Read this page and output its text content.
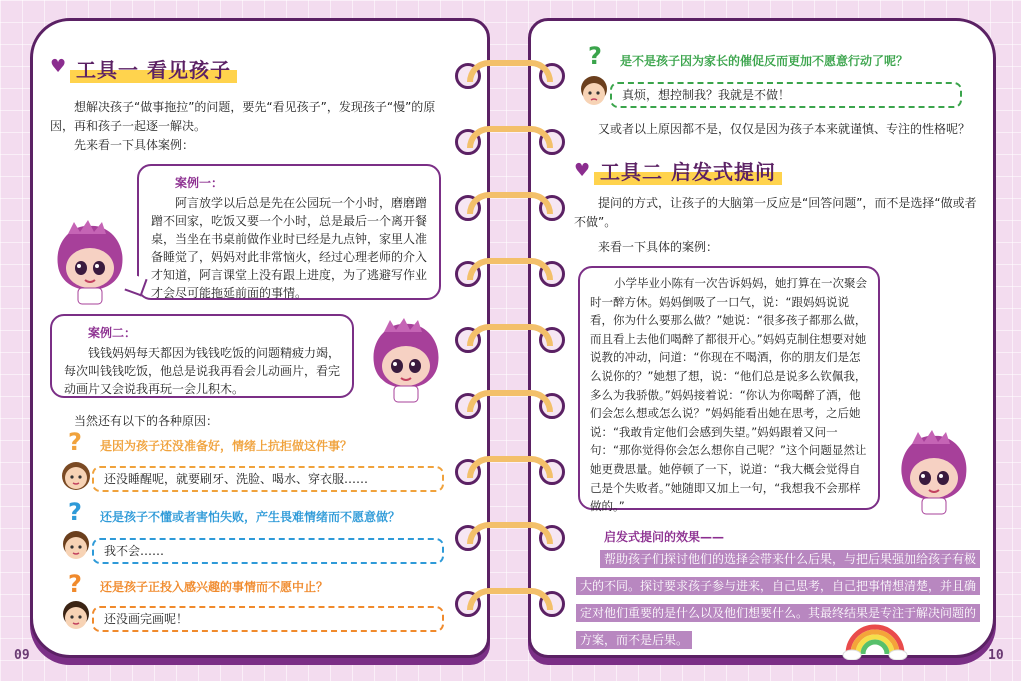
♥ 工具一 看见孩子
想解决孩子“做事拖拉”的问题，要先“看见孩子”，发现孩子“慢”的原因，再和孩子一起逐一解决。
先来看一下具体案例：
案例一：
阿言放学以后总是先在公园玩一个小时，磨磨蹭蹭不回家，吃饭又要一个小时，总是最后一个离开餐桌，当坐在书桌前做作业时已经是九点钟，家里人准备睡觉了，妈妈对此非常恼火，经过心理老师的介入才知道，阿言课堂上没有跟上进度，为了逃避写作业才会尽可能拖延前面的事情。
案例二：
钱钱妈妈每天都因为钱钱吃饭的问题精疲力竭，每次叫钱钱吃饭，他总是说我再看会儿动画片，看完动画片又会说我再玩一会儿积木。
当然还有以下的各种原因：
? 是因为孩子还没准备好，情绪上抗拒做这件事？
还没睡醒呢，就要刷牙、洗脸、喝水、穿衣服……
? 还是孩子不懂或者害怕失败，产生畏难情绪而不愿意做？
我不会……
? 还是孩子正投入感兴趣的事情而不愿中止？
还没画完画呢！
09
? 是不是孩子因为家长的催促反而更加不愿意行动了呢？
真烦，想控制我？我就是不做！
又或者以上原因都不是，仅仅是因为孩子本来就谨慎、专注的性格呢？
♥ 工具二 启发式提问
提问的方式，让孩子的大脑第一反应是“回答问题”，而不是选择“做或者不做”。
来看一下具体的案例：
小学毕业小陈有一次告诉妈妈，她打算在一次聚会时一醉方休。妈妈倒吸了一口气，说：“跟妈妈说说看，你为什么要那么做？”她说：“很多孩子都那么做，而且看上去他们喝醉了都很开心。”妈妈克制住想要对她说教的冲动，问道：“你现在不喝酒，你的朋友们是怎么说你的？”她想了想，说：“他们总是说多么钦佩我，多么为我骄傲。”妈妈接着说：“你认为你喝醉了酒，他们会怎么想或怎么说？”妈妈能看出她在思考，之后她说：“我敢肯定他们会感到失望。”妈妈跟着又问一句：“那你觉得你会怎么想你自己呢？”这个问题显然让她更费思量。她停顿了一下，说道：“我大概会觉得自己是个失败者。”她随即又加上一句，“我想我不会那样做的。”
启发式提问的效果——
帮助孩子们探讨他们的选择会带来什么后果，与把后果强加给孩子有极大的不同。探讨要求孩子参与进来，自己思考，自己把事情想清楚，并且确定对他们重要的是什么以及他们想要什么。其最终结果是专注于解决问题的方案，而不是后果。
10
